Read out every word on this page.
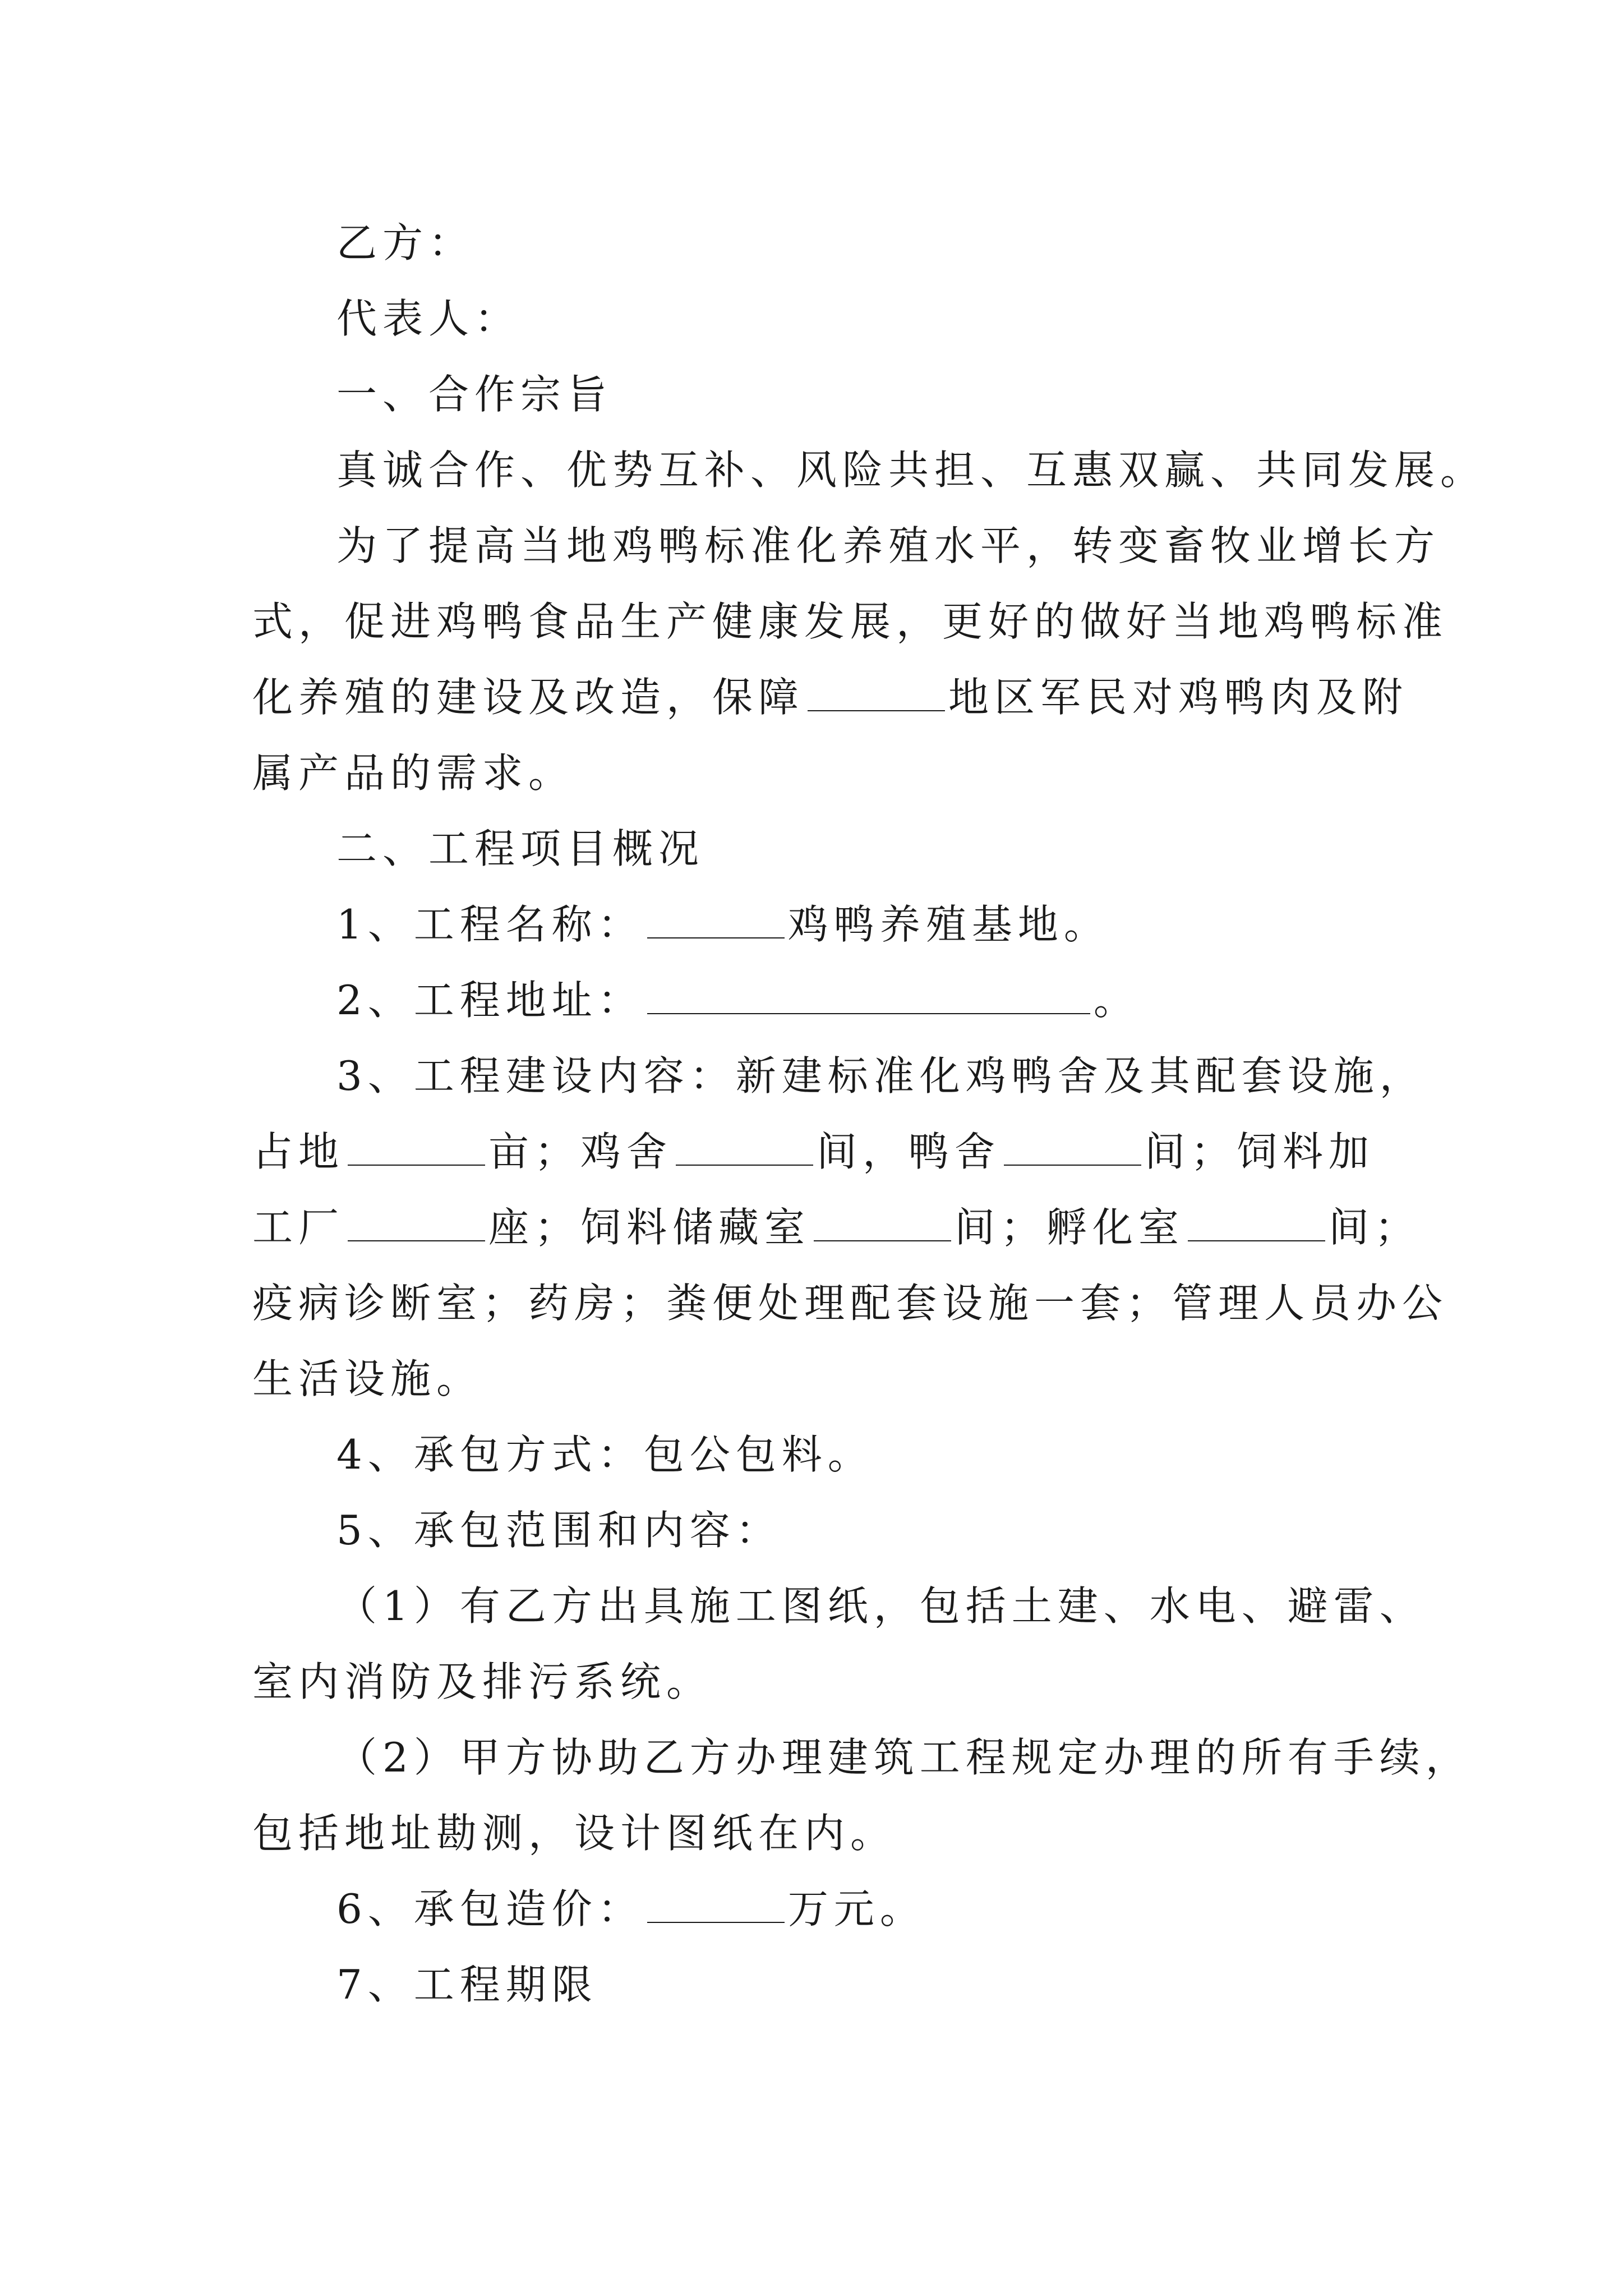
乙方：
代表人：
一、合作宗旨
真诚合作、优势互补、风险共担、互惠双赢、共同发展。
为了提高当地鸡鸭标准化养殖水平，转变畜牧业增长方
式，促进鸡鸭食品生产健康发展，更好的做好当地鸡鸭标准
化养殖的建设及改造，保障	地区军民对鸡鸭肉及附
属产品的需求。
二、工程项目概况
1、工程名称：	鸡鸭养殖基地。
2、工程地址：	。
3、工程建设内容：新建标准化鸡鸭舍及其配套设施，
占地	亩；鸡舍	间，鸭舍	间；饲料加
工厂	座；饲料储藏室	间；孵化室	间；
疫病诊断室；药房；粪便处理配套设施一套；管理人员办公
生活设施。
4、承包方式：包公包料。
5、承包范围和内容：
（1）有乙方出具施工图纸，包括土建、水电、避雷、
室内消防及排污系统。
（2）甲方协助乙方办理建筑工程规定办理的所有手续，
包括地址勘测，设计图纸在内。
6、承包造价：	万元。
7、工程期限
